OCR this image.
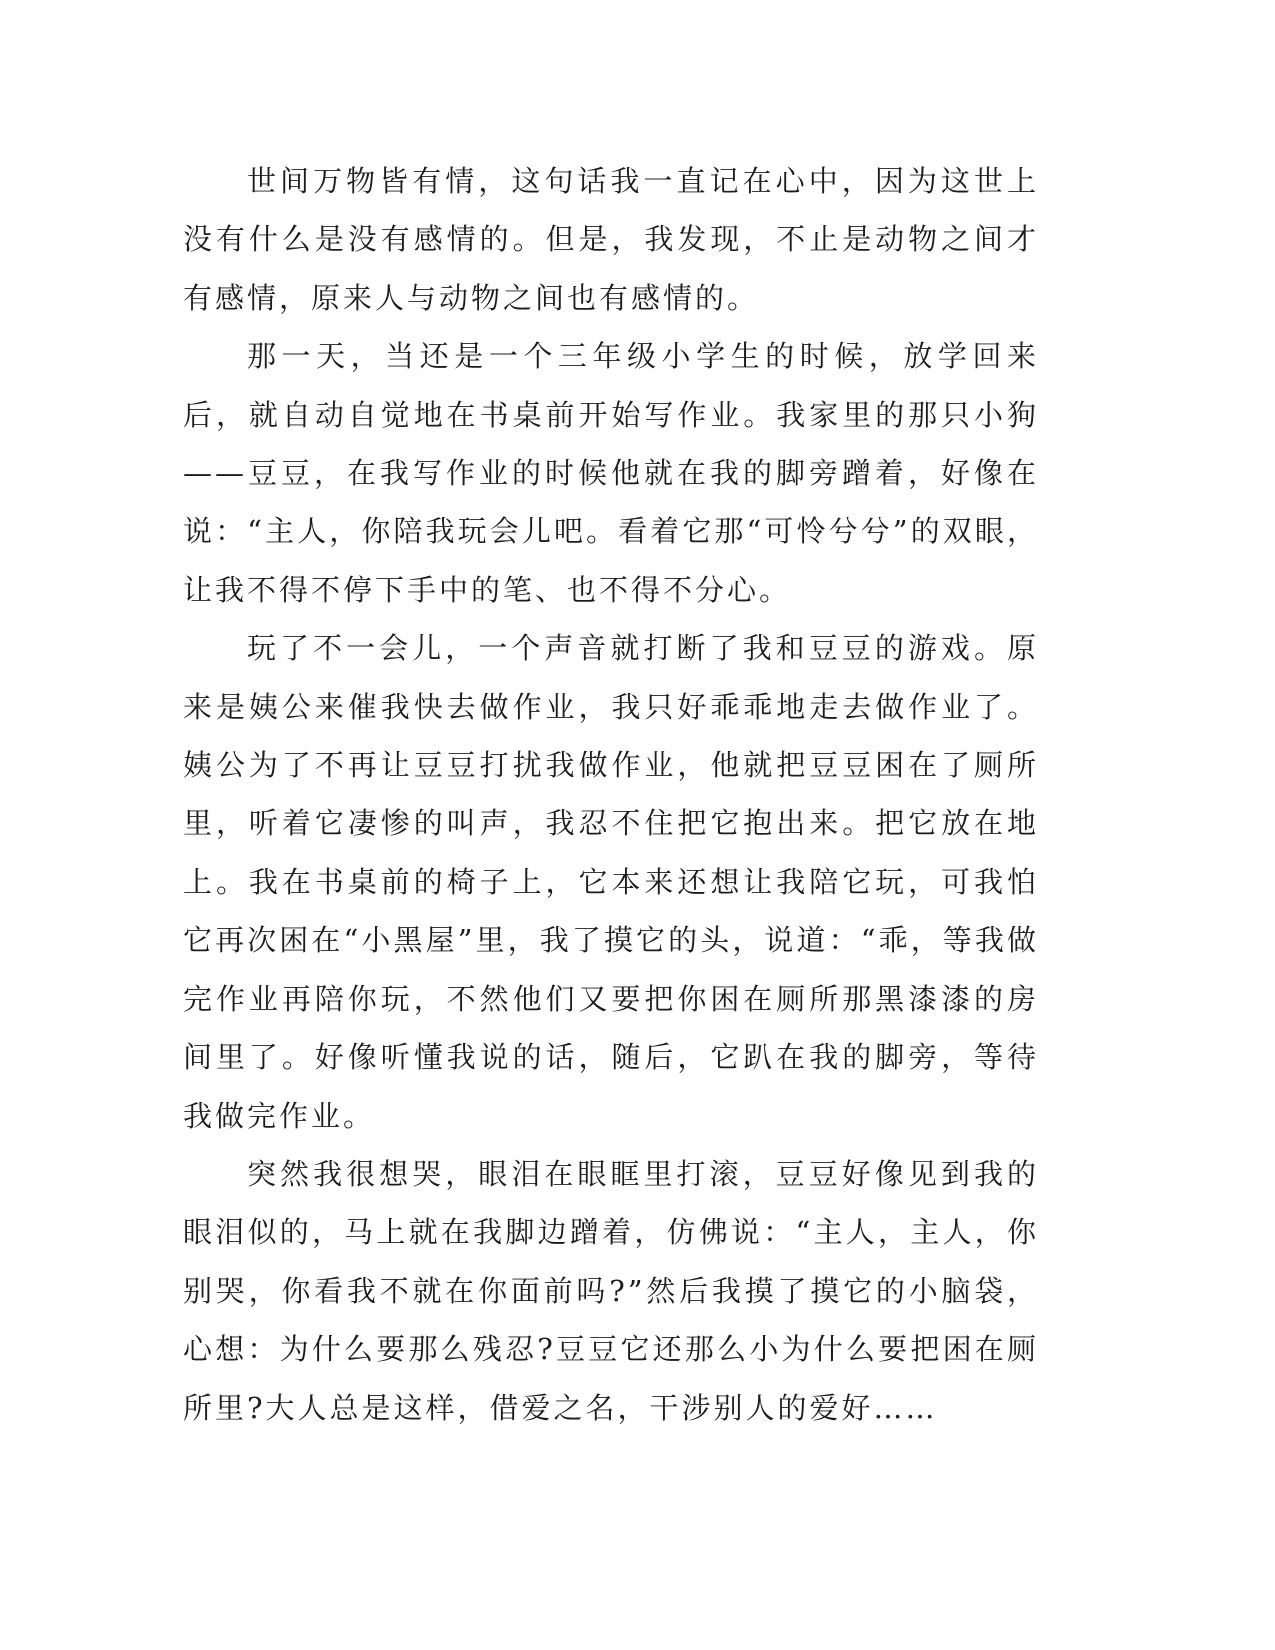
世间万物皆有情，这句话我一直记在心中，因为这世上没有什么是没有感情的。但是，我发现，不止是动物之间才有感情，原来人与动物之间也有感情的。

那一天，当还是一个三年级小学生的时候，放学回来后，就自动自觉地在书桌前开始写作业。我家里的那只小狗——豆豆，在我写作业的时候他就在我的脚旁蹭着，好像在说：“主人，你陪我玩会儿吧。看着它那“可怜兮兮”的双眼，让我不得不停下手中的笔、也不得不分心。

玩了不一会儿，一个声音就打断了我和豆豆的游戏。原来是姨公来催我快去做作业，我只好乖乖地走去做作业了。姨公为了不再让豆豆打扰我做作业，他就把豆豆困在了厕所里，听着它凄惨的叫声，我忍不住把它抱出来。把它放在地上。我在书桌前的椅子上，它本来还想让我陪它玩，可我怕它再次困在“小黑屋”里，我了摸它的头，说道：“乖，等我做完作业再陪你玩，不然他们又要把你困在厕所那黑漆漆的房间里了。好像听懂我说的话，随后，它趴在我的脚旁，等待我做完作业。

突然我很想哭，眼泪在眼眶里打滚，豆豆好像见到我的眼泪似的，马上就在我脚边蹭着，仿佛说：“主人，主人，你别哭，你看我不就在你面前吗?”然后我摸了摸它的小脑袋，心想：为什么要那么残忍?豆豆它还那么小为什么要把困在厕所里?大人总是这样，借爱之名，干涉别人的爱好……
